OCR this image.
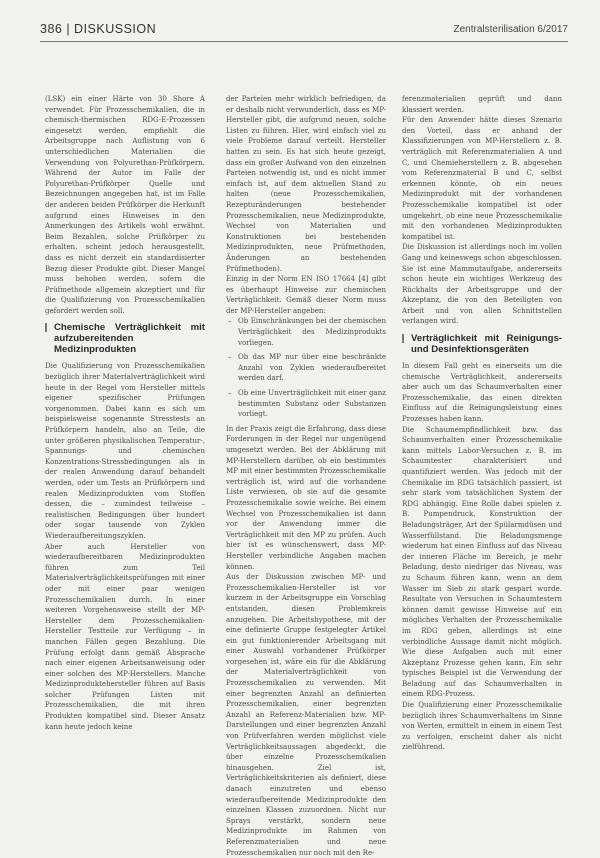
386 | DISKUSSION	Zentralsterilisation 6/2017

(LSK) ein einer Härte von 30 Shore A verwendet. Für Prozesschemikalien, die in chemisch-thermischen RDG-E-Prozessen eingesetzt werden, empfiehlt die Arbeitsgruppe nach Auflistung von 6 unterschiedlichen Materialien die Verwendung von Polyurethan-Prüfkörpern. Während der Autor im Falle der Polyurethan-Prüfkörper Quelle und Bezeichnungen angegeben hat, ist im Falle der anderen beiden Prüfkörper die Herkunft aufgrund eines Hinweises in den Anmerkungen des Artikels wohl erwähnt. Beim Bezahlen, solche Prüfkörper zu erhalten, scheint jedoch herausgestellt, dass es nicht derzeit ein standardisierter Bezug dieser Produkte gibt. Dieser Mangel muss behoben werden, sofern die Prüfmethode allgemein akzeptiert und für die Qualifizierung von Prozesschemikalien gefordert werden soll.

Chemische Verträglichkeit mit aufzubereitenden Medizinprodukten

Die Qualifizierung von Prozesschemikalien bezüglich ihrer Materialverträglichkeit wird heute in der Regel vom Hersteller mittels eigener spezifischer Prüfungen vorgenommen. Dabei kann es sich um beispielsweise sogenannte Stresstests an Prüfkörpern handeln, also an Teile, die unter größeren physikalischen Temperatur-, Spannungs- und chemischen Konzentrations-Stressbedingungen als in der realen Anwendung darauf behandelt werden, oder um Tests an Prüfkörpern und realen Medizinprodukten vom Stoffen dessen, die – zumindest teilweise – realistischen Bedingungen über hundert oder sogar tausende von Zyklen Wiederaufbereitungszyklen.

Aber auch Hersteller von wiederaufbereitbaren Medizinprodukten führen zum Teil Materialverträglichkeitsprüfungen mit einer oder mit einer paar wenigen Prozesschemikalien durch. In einer weiteren Vorgehensweise stellt der MP-Hersteller dem Prozesschemikalien-Hersteller Testteile zur Verfügung – in manchen Fällen gegen Bezahlung. Die Prüfung erfolgt dann gemäß Absprache nach einer eigenen Arbeitsanweisung oder einer solchen des MP-Herstellers. Manche Medizinproduktehersteller führen auf Basis solcher Prüfungen Listen mit Prozesschemikalien, die mit ihren Produkten kompatibel sind. Dieser Ansatz kann heute jedoch keine

der Parteien mehr wirklich befriedigen, da er deshalb nicht verwunderlich, dass es MP-Hersteller gibt, die aufgrund neuen, solche Listen zu führen. Hier, wird einfach viel zu viele Probleme darauf verteilt. Hersteller hatten zu sein. Es hat sich heute gezeigt, dass ein großer Aufwand von den einzelnen Parteien notwendig ist, und es nicht immer einfach ist, auf dem aktuellen Stand zu halten (neue Prozesschemikalien, Rezepturänderungen bestehender Prozesschemikalien, neue Medizinprodukte, Wechsel von Materialien und Konstruktionen bei bestehenden Medizinprodukten, neue Prüfmethoden, Änderungen an bestehenden Prüfmethoden).

Einzig in der Norm EN ISO 17664 [4] gibt es überhaupt Hinweise zur chemischen Verträglichkeit. Gemäß dieser Norm muss der MP-Hersteller angeben:

– Ob Einschränkungen bei der chemischen Verträglichkeit des Medizinprodukts vorliegen.
– Ob das MP nur über eine beschränkte Anzahl von Zyklen wiederaufbereitet werden darf.
– Ob eine Unverträglichkeit mit einer ganz bestimmten Substanz oder Substanzen vorliegt.

In der Praxis zeigt die Erfahrung, dass diese Forderungen in der Regel nur ungenügend umgesetzt werden. Bei der Abklärung mit MP-Herstellern darüber, ob ein bestimmtes MP mit einer bestimmten Prozesschemikalie verträglich ist, wird auf die vorhandene Liste verwiesen, ob sie auf die gesamte Prozesschemikalie sowie welche. Bei einem Wechsel von Prozesschemikalien ist dann vor der Anwendung immer die Verträglichkeit mit den MP zu prüfen. Auch hier ist es wünschenswert, dass MP-Hersteller verbindliche Angaben machen können.

Aus der Diskussion zwischen MP- und Prozesschemikalien-Hersteller ist vor kurzem in der Arbeitsgruppe ein Vorschlag entstanden, diesen Problemkreis anzugehen. Die Arbeitshypothese, mit der eine definierte Gruppe festgelegter Artikel ein gut funktionierender Arbeitsgang mit einer Auswahl vorhandener Prüfkörper vorgesehen ist, wäre ein für die Abklärung der Materialverträglichkeit von Prozesschemikalien zu verwenden. Mit einer begrenzten Anzahl an definierten Prozesschemikalien, einer begrenzten Anzahl an Referenz-Materialien bzw. MP-Darstellungen und einer begrenzten Anzahl von Prüfverfahren werden möglichst viele Verträglichkeitsaussagen abgedeckt, die über einzelne Prozesschemikalien hinausgehen. Ziel ist, Verträglichkeitskriterien als definiert, diese danach einzutreten und ebenso wiederaufbereitende Medizinprodukte den einzelnen Klassen zuzuordnen. Nicht nur Sprays verstärkt, sondern neue Medizinprodukte im Rahmen von Referenzmaterialien und neue Prozesschemikalien nur noch mit den Re-

ferenzmaterialien geprüft und dann klassiert werden.

Für den Anwender hätte dieses Szenario den Vorteil, dass er anhand der Klassifizierungen von MP-Herstellern z. B. verträglich mit Referenzmaterialien A und C, und Chemieherstellern z. B. abgesehen vom Referenzmaterial B und C, selbst erkennen könnte, ob ein neues Medizinprodukt mit der vorhandenen Prozesschemikalie kompatibel ist oder umgekehrt, ob eine neue Prozesschemikalie mit den vorhandenen Medizinprodukten kompatibel ist.

Die Diskussion ist allerdings noch im vollen Gang und keineswegs schon abgeschlossen. Sie ist eine Mammutaufgabe, andererseits schon heute ein wichtiges Werkzeug des Rückhalts der Arbeitsgruppe und der Akzeptanz, die von den Beteiligten von Arbeit und von allen Schnittstellen verlangen wird.

Verträglichkeit mit Reinigungs- und Desinfektionsgeräten

In diesem Fall geht es einerseits um die chemische Verträglichkeit, andererseits aber auch um das Schaumverhalten einer Prozesschemikalie, das einen direkten Einfluss auf die Reinigungsleistung eines Prozesses haben kann.

Die Schaumempfindlichkeit bzw. das Schaumverhalten einer Prozesschemikalie kann mittels Labor-Versuchen z. B. im Schaumtester charakterisiert und quantifiziert werden. Was jedoch mit der Chemikalie im RDG tatsächlich passiert, ist sehr stark vom tatsächlichen System der RDG abhängig. Eine Rolle dabei spielen z. B. Pumpendruck, Konstruktion der Beladungsträger, Art der Spülarmdüsen und Wasserfüllstand. Die Beladungsmenge wiederum hat einen Einfluss auf das Niveau der inneren Fläche im Bereich, je mehr Beladung, desto niedriger das Niveau, was zu Schaum führen kann, wenn an dem Wasser im Sieb zu stark gespart wurde. Resultate von Versuchen in Schaumtestern können damit gewisse Hinweise auf ein mögliches Verhalten der Prozesschemikalie im RDG geben, allerdings ist eine verbindliche Aussage damit nicht möglich. Wie diese Aufgaben auch mit einer Akzeptanz Prozesse gehen kann, Ein sehr typisches Beispiel ist die Verwendung der Beladung auf das Schaumverhalten in einem RDG-Prozess.

Die Qualifizierung einer Prozesschemikalie bezüglich ihres Schaumverhaltens im Sinne von Werten, ermittelt in einem in einem Test zu verfolgen, erscheint daher als nicht zielführend.
